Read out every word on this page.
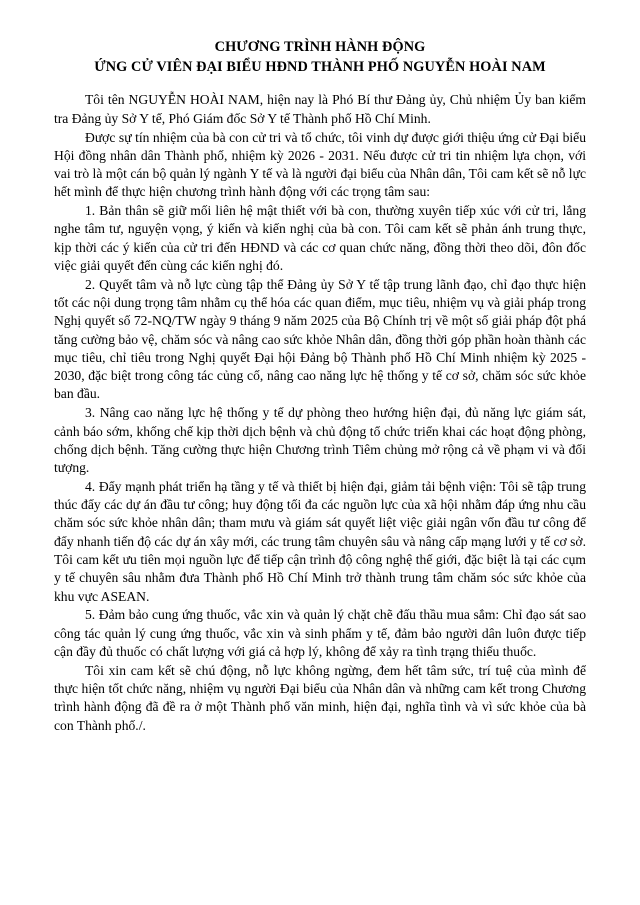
CHƯƠNG TRÌNH HÀNH ĐỘNG
ỨNG CỬ VIÊN ĐẠI BIỂU HĐND THÀNH PHỐ NGUYỄN HOÀI NAM

Tôi tên NGUYỄN HOÀI NAM, hiện nay là Phó Bí thư Đảng ủy, Chủ nhiệm Ủy ban kiểm tra Đảng ủy Sở Y tế, Phó Giám đốc Sở Y tế Thành phố Hồ Chí Minh.

Được sự tín nhiệm của bà con cử tri và tổ chức, tôi vinh dự được giới thiệu ứng cử Đại biểu Hội đồng nhân dân Thành phố, nhiệm kỳ 2026 - 2031. Nếu được cử tri tin nhiệm lựa chọn, với vai trò là một cán bộ quản lý ngành Y tế và là người đại biểu của Nhân dân, Tôi cam kết sẽ nỗ lực hết mình để thực hiện chương trình hành động với các trọng tâm sau:

1. Bản thân sẽ giữ mối liên hệ mật thiết với bà con, thường xuyên tiếp xúc với cử tri, lắng nghe tâm tư, nguyện vọng, ý kiến và kiến nghị của bà con. Tôi cam kết sẽ phản ánh trung thực, kịp thời các ý kiến của cử tri đến HĐND và các cơ quan chức năng, đồng thời theo dõi, đôn đốc việc giải quyết đến cùng các kiến nghị đó.

2. Quyết tâm và nỗ lực cùng tập thể Đảng ủy Sở Y tế tập trung lãnh đạo, chỉ đạo thực hiện tốt các nội dung trọng tâm nhằm cụ thể hóa các quan điểm, mục tiêu, nhiệm vụ và giải pháp trong Nghị quyết số 72-NQ/TW ngày 9 tháng 9 năm 2025 của Bộ Chính trị về một số giải pháp đột phá tăng cường bảo vệ, chăm sóc và nâng cao sức khỏe Nhân dân, đồng thời góp phần hoàn thành các mục tiêu, chỉ tiêu trong Nghị quyết Đại hội Đảng bộ Thành phố Hồ Chí Minh nhiệm kỳ 2025 - 2030, đặc biệt trong công tác củng cố, nâng cao năng lực hệ thống y tế cơ sở, chăm sóc sức khỏe ban đầu.

3. Nâng cao năng lực hệ thống y tế dự phòng theo hướng hiện đại, đủ năng lực giám sát, cảnh báo sớm, khống chế kịp thời dịch bệnh và chủ động tổ chức triển khai các hoạt động phòng, chống dịch bệnh. Tăng cường thực hiện Chương trình Tiêm chủng mở rộng cả về phạm vi và đối tượng.

4. Đẩy mạnh phát triển hạ tầng y tế và thiết bị hiện đại, giảm tải bệnh viện: Tôi sẽ tập trung thúc đẩy các dự án đầu tư công; huy động tối đa các nguồn lực của xã hội nhằm đáp ứng nhu cầu chăm sóc sức khỏe nhân dân; tham mưu và giám sát quyết liệt việc giải ngân vốn đầu tư công để đẩy nhanh tiến độ các dự án xây mới, các trung tâm chuyên sâu và nâng cấp mạng lưới y tế cơ sở. Tôi cam kết ưu tiên mọi nguồn lực để tiếp cận trình độ công nghệ thế giới, đặc biệt là tại các cụm y tế chuyên sâu nhằm đưa Thành phố Hồ Chí Minh trở thành trung tâm chăm sóc sức khỏe của khu vực ASEAN.

5. Đảm bảo cung ứng thuốc, vắc xin và quản lý chặt chẽ đấu thầu mua sắm: Chỉ đạo sát sao công tác quản lý cung ứng thuốc, vắc xin và sinh phẩm y tế, đảm bảo người dân luôn được tiếp cận đầy đủ thuốc có chất lượng với giá cả hợp lý, không để xảy ra tình trạng thiếu thuốc.

Tôi xin cam kết sẽ chú động, nỗ lực không ngừng, đem hết tâm sức, trí tuệ của mình để thực hiện tốt chức năng, nhiệm vụ người Đại biểu của Nhân dân và những cam kết trong Chương trình hành động đã đề ra ở một Thành phố văn minh, hiện đại, nghĩa tình và vì sức khỏe của bà con Thành phố./.
